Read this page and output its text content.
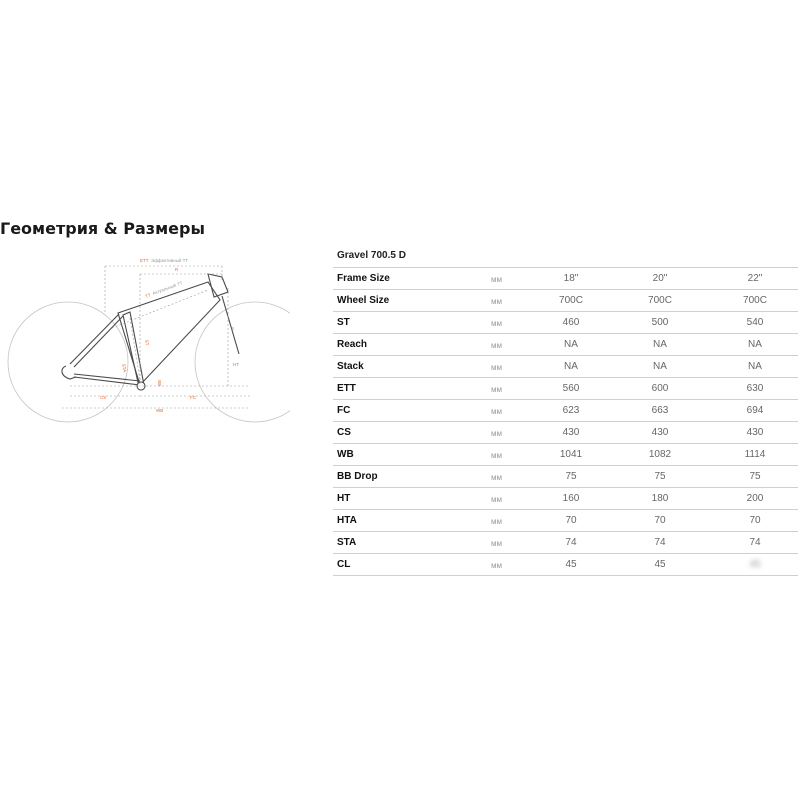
Геометрия & Размеры
ETT Эффективный TT
R
TT Актуальный TT
S
ST
STA	HT
BB
CS	FC
WB
Gravel 700.5 D
Frame Size	мм	18"	20"	22"
Wheel Size	мм	700C	700C	700C
ST	мм	460	500	540
Reach	мм	NA	NA	NA
Stack	мм	NA	NA	NA
ETT	мм	560	600	630
FC	мм	623	663	694
CS	мм	430	430	430
WB	мм	1041	1082	1114
BB Drop	мм	75	75	75
HT	мм	160	180	200
HTA	мм	70	70	70
STA	мм	74	74	74
CL	мм	45	45	45
